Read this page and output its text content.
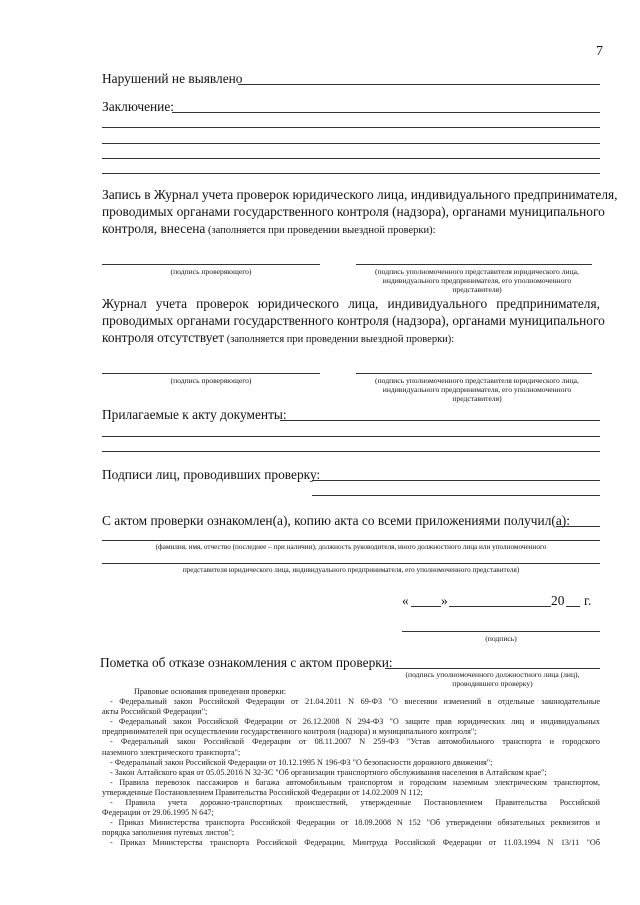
7
Нарушений не выявлено
Заключение:
Запись в Журнал учета проверок юридического лица, индивидуального предпринимателя,
проводимых органами государственного контроля (надзора), органами муниципального
контроля, внесена (заполняется при проведении выездной проверки):
(подпись проверяющего)	(подпись уполномоченного представителя юридического лица,
индивидуального предпринимателя, его уполномоченного
представителя)
Журнал учета проверок юридического лица, индивидуального предпринимателя,
проводимых органами государственного контроля (надзора), органами муниципального
контроля отсутствует (заполняется при проведении выездной проверки):
(подпись проверяющего)	(подпись уполномоченного представителя юридического лица,
индивидуального предпринимателя, его уполномоченного
представителя)
Прилагаемые к акту документы:
Подписи лиц, проводивших проверку:
С актом проверки ознакомлен(а), копию акта со всеми приложениями получил(а):
(фамилия, имя, отчество (последнее – при наличии), должность руководителя, иного должностного лица или уполномоченного
представителя юридического лица, индивидуального предпринимателя, его уполномоченного представителя)
« »	20 г.
(подпись)
Пометка об отказе ознакомления с актом проверки:
(подпись уполномоченного должностного лица (лиц),
проводившего проверку)
Правовые основания проведения проверки:
- Федеральный закон Российской Федерации от 21.04.2011 N 69-ФЗ "О внесении изменений в отдельные законодательные
акты Российской Федерации";
- Федеральный закон Российской Федерации от 26.12.2008 N 294-ФЗ "О защите прав юридических лиц и индивидуальных
предпринимателей при осуществлении государственного контроля (надзора) и муниципального контроля";
- Федеральный закон Российской Федерации от 08.11.2007 N 259-ФЗ "Устав автомобильного транспорта и городского
наземного электрического транспорта";
- Федеральный закон Российской Федерации от 10.12.1995 N 196-ФЗ "О безопасности дорожного движения";
- Закон Алтайского края от 05.05.2016 N 32-ЗС "Об организации транспортного обслуживания населения в Алтайском крае";
- Правила перевозок пассажиров и багажа автомобильным транспортом и городским наземным электрическим транспортом,
утвержденные Постановлением Правительства Российской Федерации от 14.02.2009 N 112;
- Правила учета дорожно-транспортных происшествий, утвержденные Постановлением Правительства Российской
Федерации от 29.06.1995 N 647;
- Приказ Министерства транспорта Российской Федерации от 18.09.2008 N 152 "Об утверждении обязательных реквизитов и
порядка заполнения путевых листов";
- Приказ Министерства транспорта Российской Федерации, Минтруда Российской Федерации от 11.03.1994 N 13/11 "Об
